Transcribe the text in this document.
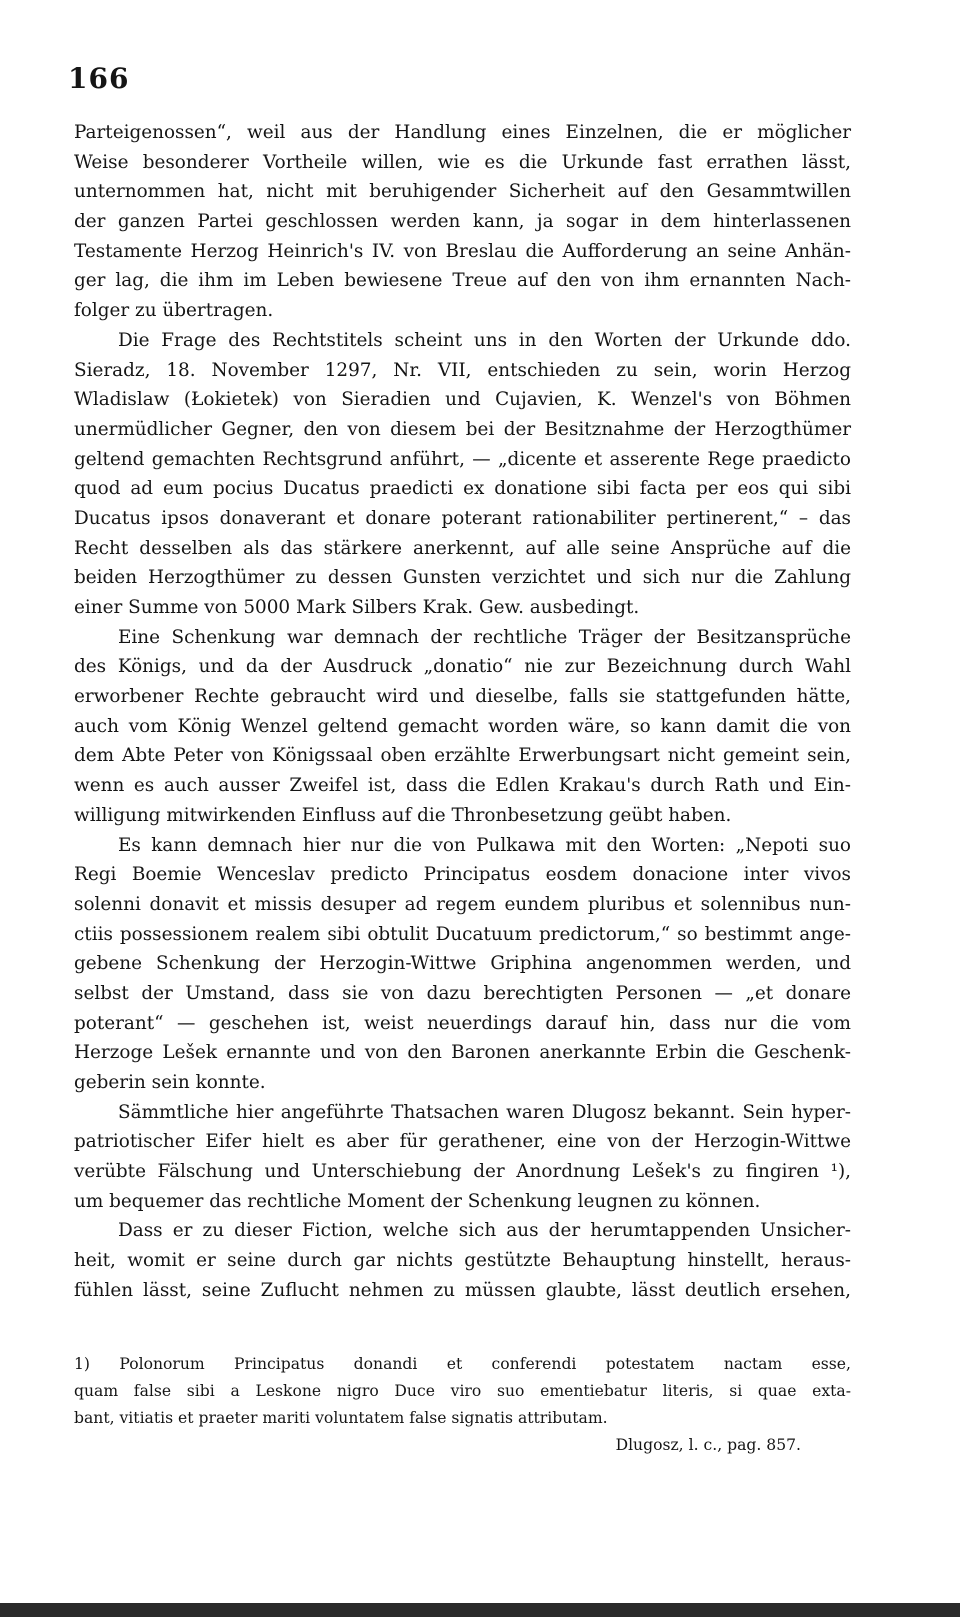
166
Parteigenossen“, weil aus der Handlung eines Einzelnen, die er möglicher
Weise besonderer Vortheile willen, wie es die Urkunde fast errathen lässt,
unternommen hat, nicht mit beruhigender Sicherheit auf den Gesammtwillen
der ganzen Partei geschlossen werden kann, ja sogar in dem hinterlassenen
Testamente Herzog Heinrich's IV. von Breslau die Aufforderung an seine Anhän-
ger lag, die ihm im Leben bewiesene Treue auf den von ihm ernannten Nach-
folger zu übertragen.
Die Frage des Rechtstitels scheint uns in den Worten der Urkunde ddo.
Sieradz, 18. November 1297, Nr. VII, entschieden zu sein, worin Herzog
Wladislaw (Łokietek) von Sieradien und Cujavien, K. Wenzel's von Böhmen
unermüdlicher Gegner, den von diesem bei der Besitznahme der Herzogthümer
geltend gemachten Rechtsgrund anführt, — „dicente et asserente Rege praedicto
quod ad eum pocius Ducatus praedicti ex donatione sibi facta per eos qui sibi
Ducatus ipsos donaverant et donare poterant rationabiliter pertinerent,“ – das
Recht desselben als das stärkere anerkennt, auf alle seine Ansprüche auf die
beiden Herzogthümer zu dessen Gunsten verzichtet und sich nur die Zahlung
einer Summe von 5000 Mark Silbers Krak. Gew. ausbedingt.
Eine Schenkung war demnach der rechtliche Träger der Besitzansprüche
des Königs, und da der Ausdruck „donatio“ nie zur Bezeichnung durch Wahl
erworbener Rechte gebraucht wird und dieselbe, falls sie stattgefunden hätte,
auch vom König Wenzel geltend gemacht worden wäre, so kann damit die von
dem Abte Peter von Königssaal oben erzählte Erwerbungsart nicht gemeint sein,
wenn es auch ausser Zweifel ist, dass die Edlen Krakau's durch Rath und Ein-
willigung mitwirkenden Einfluss auf die Thronbesetzung geübt haben.
Es kann demnach hier nur die von Pulkawa mit den Worten: „Nepoti suo
Regi Boemie Wenceslav predicto Principatus eosdem donacione inter vivos
solenni donavit et missis desuper ad regem eundem pluribus et solennibus nun-
ctiis possessionem realem sibi obtulit Ducatuum predictorum,“ so bestimmt ange-
gebene Schenkung der Herzogin-Wittwe Griphina angenommen werden, und
selbst der Umstand, dass sie von dazu berechtigten Personen — „et donare
poterant“ — geschehen ist, weist neuerdings darauf hin, dass nur die vom
Herzoge Lešek ernannte und von den Baronen anerkannte Erbin die Geschenk-
geberin sein konnte.
Sämmtliche hier angeführte Thatsachen waren Dlugosz bekannt. Sein hyper-
patriotischer Eifer hielt es aber für gerathener, eine von der Herzogin-Wittwe
verübte Fälschung und Unterschiebung der Anordnung Lešek's zu fingiren ¹),
um bequemer das rechtliche Moment der Schenkung leugnen zu können.
Dass er zu dieser Fiction, welche sich aus der herumtappenden Unsicher-
heit, womit er seine durch gar nichts gestützte Behauptung hinstellt, heraus-
fühlen lässt, seine Zuflucht nehmen zu müssen glaubte, lässt deutlich ersehen,
1) Polonorum Principatus donandi et conferendi potestatem nactam esse,
quam false sibi a Leskone nigro Duce viro suo ementiebatur literis, si quae exta-
bant, vitiatis et praeter mariti voluntatem false signatis attributam.
Dlugosz, l. c., pag. 857.
